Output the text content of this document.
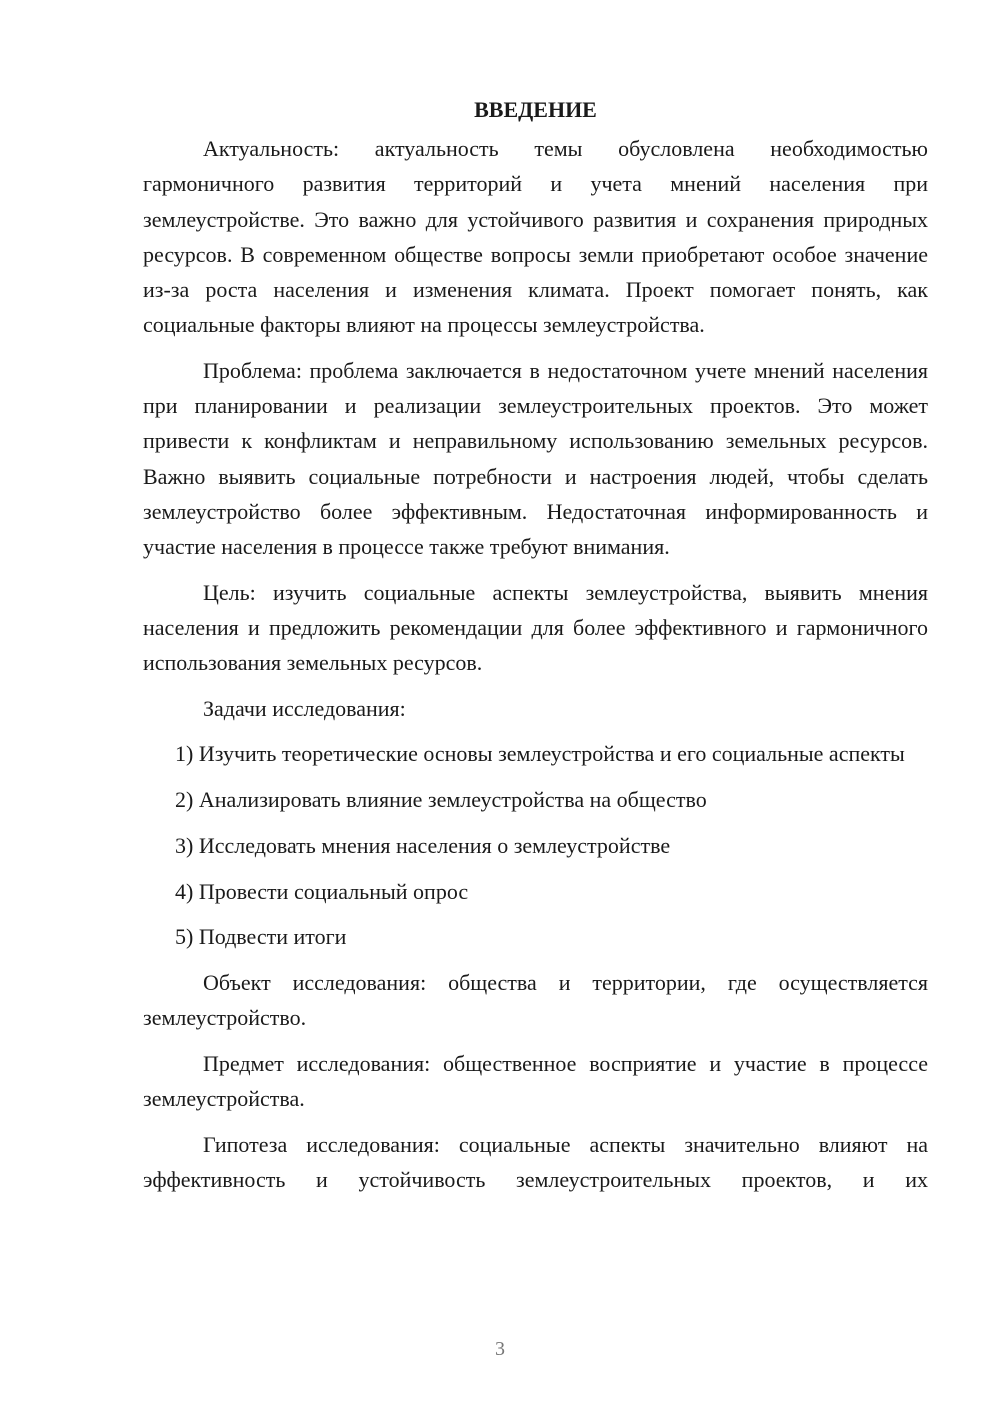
ВВЕДЕНИЕ

Актуальность: актуальность темы обусловлена необходимостью гармоничного развития территорий и учета мнений населения при землеустройстве. Это важно для устойчивого развития и сохранения природных ресурсов. В современном обществе вопросы земли приобретают особое значение из-за роста населения и изменения климата. Проект помогает понять, как социальные факторы влияют на процессы землеустройства.

Проблема: проблема заключается в недостаточном учете мнений населения при планировании и реализации землеустроительных проектов. Это может привести к конфликтам и неправильному использованию земельных ресурсов. Важно выявить социальные потребности и настроения людей, чтобы сделать землеустройство более эффективным. Недостаточная информированность и участие населения в процессе также требуют внимания.

Цель: изучить социальные аспекты землеустройства, выявить мнения населения и предложить рекомендации для более эффективного и гармоничного использования земельных ресурсов.

Задачи исследования:

1) Изучить теоретические основы землеустройства и его социальные аспекты
2) Анализировать влияние землеустройства на общество
3) Исследовать мнения населения о землеустройстве
4) Провести социальный опрос
5) Подвести итоги

Объект исследования: общества и территории, где осуществляется землеустройство.

Предмет исследования: общественное восприятие и участие в процессе землеустройства.

Гипотеза исследования: социальные аспекты значительно влияют на эффективность и устойчивость землеустроительных проектов, и их

3
